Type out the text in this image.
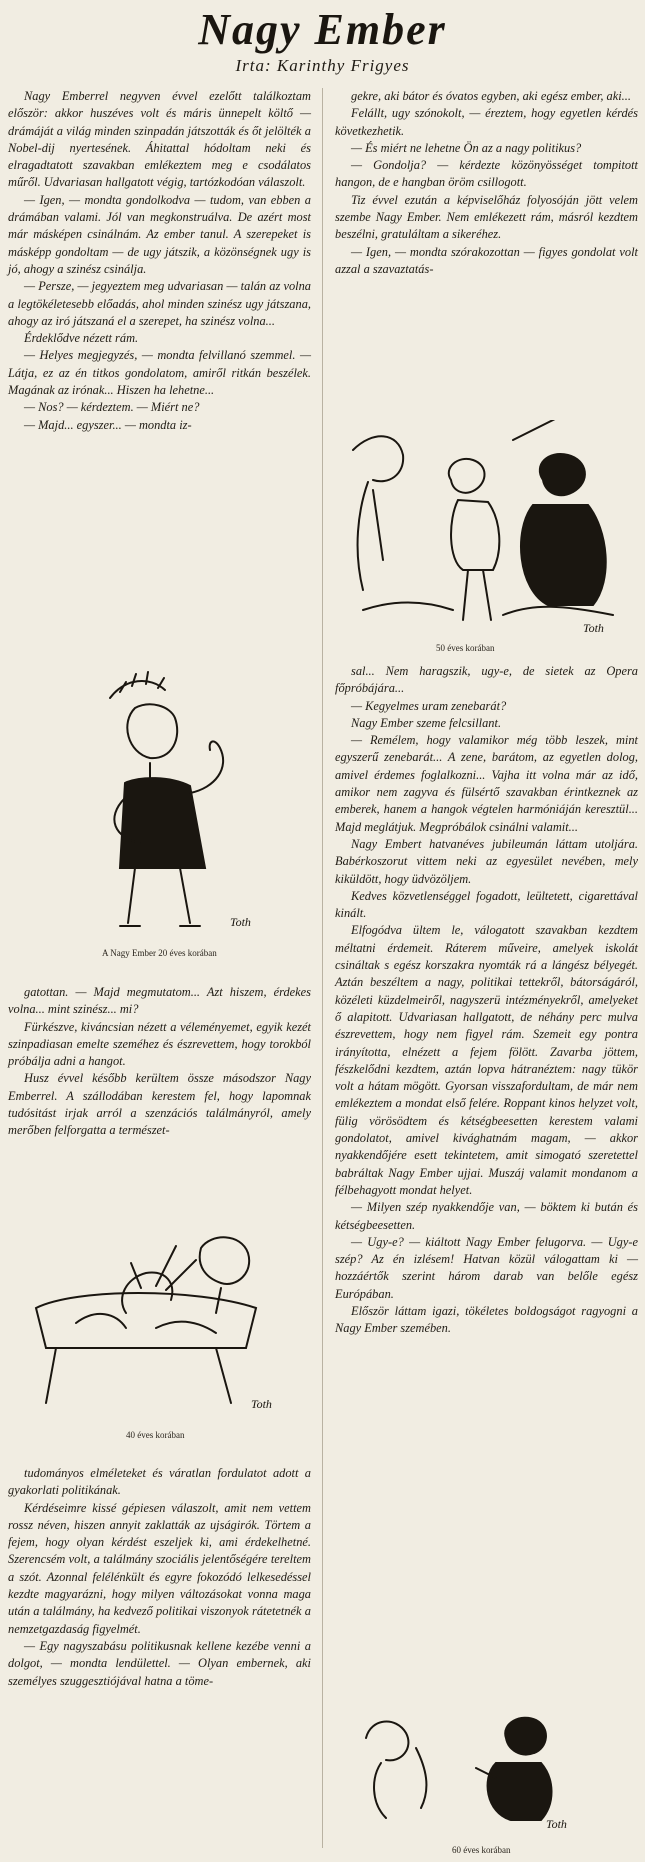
Nagy Ember
Irta: Karinthy Frigyes

Nagy Emberrel negyven évvel ezelőtt találkoztam először: akkor huszéves volt és máris ünnepelt költő — drámáját a világ minden szinpadán játszották és őt jelölték a Nobel-dij nyertesének. Áhitattal hódoltam neki és elragadtatott szavakban emlékeztem meg e csodálatos műről. Udvariasan hallgatott végig, tartózkodóan válaszolt.

— Igen, — mondta gondolkodva — tudom, van ebben a drámában valami. Jól van megkonstruálva. De azért most már másképen csinálnám. Az ember tanul. A szerepeket is másképp gondoltam — de ugy játszik, a közönségnek ugy is jó, ahogy a szinész csinálja.

— Persze, — jegyeztem meg udvariasan — talán az volna a legtökéletesebb előadás, ahol minden szinész ugy játszana, ahogy az iró játszaná el a szerepet, ha szinész volna...

Érdeklődve nézett rám.

— Helyes megjegyzés, — mondta felvillanó szemmel. — Látja, ez az én titkos gondolatom, amiről ritkán beszélek. Magának az irónak... Hiszen ha lehetne...

— Nos? — kérdeztem. — Miért ne?

— Majd... egyszer... — mondta iz-

Toth
A Nagy Ember 20 éves korában

gatottan. — Majd megmutatom... Azt hiszem, érdekes volna... mint szinész... mi?

Fürkészve, kiváncsian nézett a véleményemet, egyik kezét szinpadiasan emelte szeméhez és észrevettem, hogy torokból próbálja adni a hangot.

Husz évvel később kerültem össze másodszor Nagy Emberrel. A szállodában kerestem fel, hogy lapomnak tudósitást irjak arról a szenzációs találmányról, amely merőben felforgatta a természet-

Toth
40 éves korában

tudományos elméleteket és váratlan fordulatot adott a gyakorlati politikának.

Kérdéseimre kissé gépiesen válaszolt, amit nem vettem rossz néven, hiszen annyit zaklatták az ujságirók. Törtem a fejem, hogy olyan kérdést eszeljek ki, ami érdekelhetné. Szerencsém volt, a találmány szociális jelentőségére tereltem a szót. Azonnal felélénkült és egyre fokozódó lelkesedéssel kezdte magyarázni, hogy milyen változásokat vonna maga után a találmány, ha kedvező politikai viszonyok rátetetnék a nemzetgazdaság figyelmét.

— Egy nagyszabásu politikusnak kellene kezébe venni a dolgot, — mondta lendülettel. — Olyan embernek, aki személyes szuggesztiójával hatna a töme-

gekre, aki bátor és óvatos egyben, aki egész ember, aki...

Felállt, ugy szónokolt, — éreztem, hogy egyetlen kérdés következhetik.

— És miért ne lehetne Ön az a nagy politikus?

— Gondolja? — kérdezte közönyösséget tompitott hangon, de e hangban öröm csillogott.

Tiz évvel ezután a képviselőház folyosóján jött velem szembe Nagy Ember. Nem emlékezett rám, másról kezdtem beszélni, gratuláltam a sikeréhez.

— Igen, — mondta szórakozottan — figyes gondolat volt azzal a szavaztatás-

Toth
50 éves korában

sal... Nem haragszik, ugy-e, de sietek az Opera főpróbájára...

— Kegyelmes uram zenebarát?

Nagy Ember szeme felcsillant.

— Remélem, hogy valamikor még több leszek, mint egyszerű zenebarát... A zene, barátom, az egyetlen dolog, amivel érdemes foglalkozni... Vajha itt volna már az idő, amikor nem zagyva és fülsértő szavakban érintkeznek az emberek, hanem a hangok végtelen harmóniáján keresztül... Majd meglátjuk. Megpróbálok csinálni valamit...

Nagy Embert hatvanéves jubileumán láttam utoljára. Babérkoszorut vittem neki az egyesület nevében, mely kiküldött, hogy üdvözöljem.

Kedves közvetlenséggel fogadott, leültetett, cigarettával kinált.

Elfogódva ültem le, válogatott szavakban kezdtem méltatni érdemeit. Ráterem műveire, amelyek iskolát csináltak s egész korszakra nyomták rá a lángész bélyegét. Aztán beszéltem a nagy, politikai tettekről, bátorságáról, közéleti küzdelmeiről, nagyszerü intézményekről, amelyeket ő alapitott. Udvariasan hallgatott, de néhány perc mulva észrevettem, hogy nem figyel rám. Szemeit egy pontra irányította, elnézett a fejem fölött. Zavarba jöttem, fészkelődni kezdtem, aztán lopva hátranéztem: nagy tükör volt a hátam mögött. Gyorsan visszafordultam, de már nem emlékeztem a mondat első felére. Roppant kinos helyzet volt, fülig vörösödtem és kétségbeesetten kerestem valami gondolatot, amivel kivághatnám magam, — akkor nyakkendőjére esett tekintetem, amit simogató szeretettel babráltak Nagy Ember ujjai. Muszáj valamit mondanom a félbehagyott mondat helyet.

— Milyen szép nyakkendője van, — böktem ki bután és kétségbeesetten.

— Ugy-e? — kiáltott Nagy Ember felugorva. — Ugy-e szép? Az én izlésem! Hatvan közül válogattam ki — hozzáértők szerint három darab van belőle egész Európában.

Először láttam igazi, tökéletes boldogságot ragyogni a Nagy Ember szemében.

Toth
60 éves korában
